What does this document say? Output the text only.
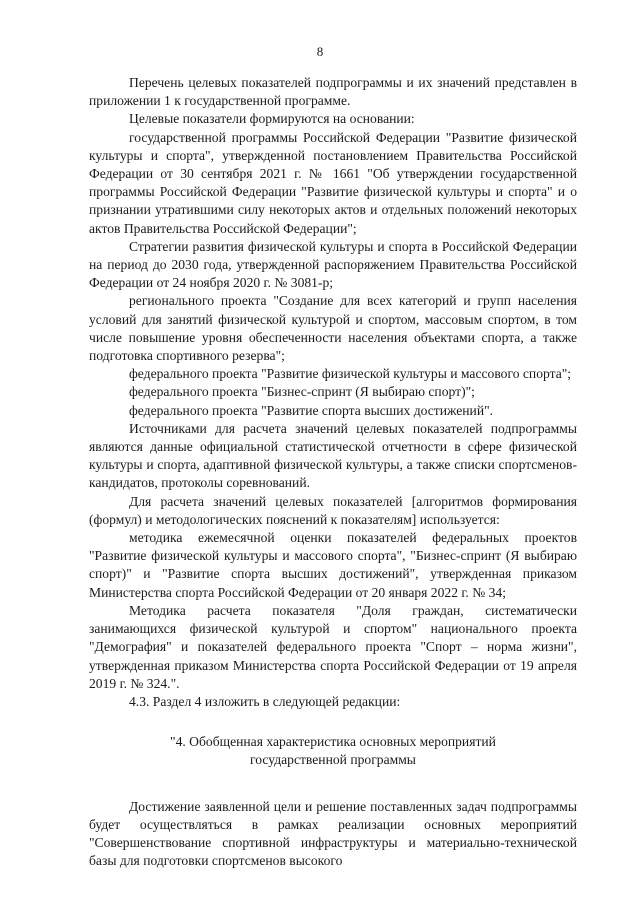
8

Перечень целевых показателей подпрограммы и их значений представлен в приложении 1 к государственной программе.

Целевые показатели формируются на основании:

государственной программы Российской Федерации "Развитие физической культуры и спорта", утвержденной постановлением Правительства Российской Федерации от 30 сентября 2021 г. № 1661 "Об утверждении государственной программы Российской Федерации "Развитие физической культуры и спорта" и о признании утратившими силу некоторых актов и отдельных положений некоторых актов Правительства Российской Федерации";

Стратегии развития физической культуры и спорта в Российской Федерации на период до 2030 года, утвержденной распоряжением Правительства Российской Федерации от 24 ноября 2020 г. № 3081-р;

регионального проекта "Создание для всех категорий и групп населения условий для занятий физической культурой и спортом, массовым спортом, в том числе повышение уровня обеспеченности населения объектами спорта, а также подготовка спортивного резерва";

федерального проекта "Развитие физической культуры и массового спорта";

федерального проекта "Бизнес-спринт (Я выбираю спорт)";

федерального проекта "Развитие спорта высших достижений".

Источниками для расчета значений целевых показателей подпрограммы являются данные официальной статистической отчетности в сфере физической культуры и спорта, адаптивной физической культуры, а также списки спортсменов-кандидатов, протоколы соревнований.

Для расчета значений целевых показателей [алгоритмов формирования (формул) и методологических пояснений к показателям] используется:

методика ежемесячной оценки показателей федеральных проектов "Развитие физической культуры и массового спорта", "Бизнес-спринт (Я выбираю спорт)" и "Развитие спорта высших достижений", утвержденная приказом Министерства спорта Российской Федерации от 20 января 2022 г. № 34;

Методика расчета показателя "Доля граждан, систематически занимающихся физической культурой и спортом" национального проекта "Демография" и показателей федерального проекта "Спорт – норма жизни", утвержденная приказом Министерства спорта Российской Федерации от 19 апреля 2019 г. № 324.".

4.3. Раздел 4 изложить в следующей редакции:

"4. Обобщенная характеристика основных мероприятий
государственной программы

Достижение заявленной цели и решение поставленных задач подпрограммы будет осуществляться в рамках реализации основных мероприятий "Совершенствование спортивной инфраструктуры и материально-технической базы для подготовки спортсменов высокого
